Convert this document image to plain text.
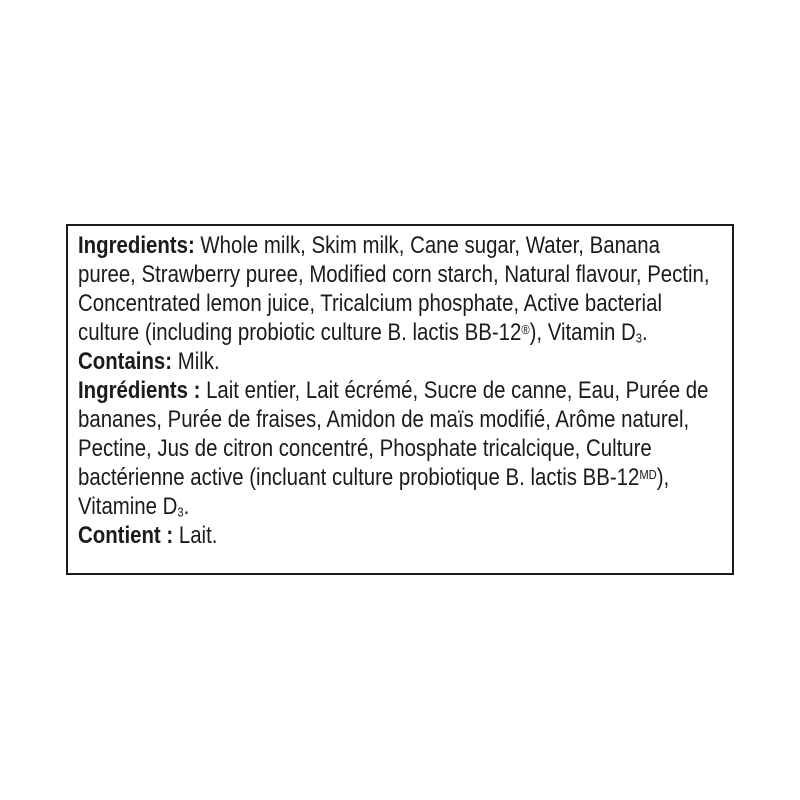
Ingredients: Whole milk, Skim milk, Cane sugar, Water, Banana puree, Strawberry puree, Modified corn starch, Natural flavour, Pectin, Concentrated lemon juice, Tricalcium phosphate, Active bacterial culture (including probiotic culture B. lactis BB-12®), Vitamin $D_3$.

Contains: Milk.

Ingrédients : Lait entier, Lait écrémé, Sucre de canne, Eau, Purée de bananes, Purée de fraises, Amidon de maïs modifié, Arôme naturel, Pectine, Jus de citron concentré, Phosphate tricalcique, Culture bactérienne active (incluant culture probiotique B. lactis $BB-12^{MD}$), Vitamine $D_3$.

Contient : Lait.
